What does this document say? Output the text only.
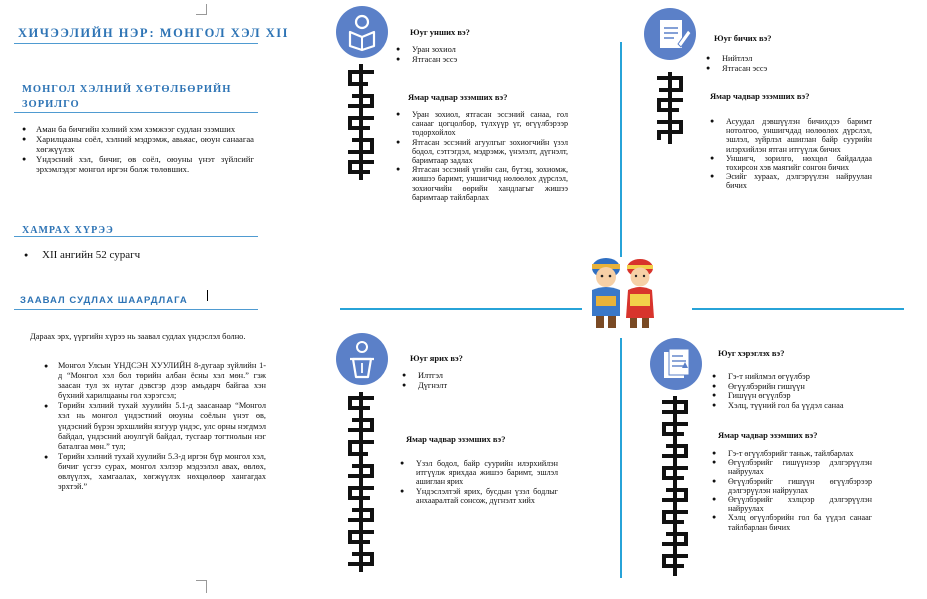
ХИЧЭЭЛИЙН НЭР: МОНГОЛ ХЭЛ XII
МОНГОЛ ХЭЛНИЙ ХӨТӨЛБӨРИЙН ЗОРИЛГО
● Аман ба бичгийн хэлний хэм хэмжээг судлан эзэмших
● Харилцааны соёл, хэлний мэдрэмж, авьяас, оюун санаагаа хөгжүүлэх
● Үндэсний хэл, бичиг, өв соёл, оюуны үнэт зүйлсийг эрхэмлэдэг монгол иргэн болж төлөвших.
ХАМРАХ ХҮРЭЭ
● XII ангийн 52 сурагч
ЗААВАЛ СУДЛАХ ШААРДЛАГА
Дараах эрх, үүргийн хүрээ нь заавал судлах үндэслэл болно.
● Монгол Улсын ҮНДСЭН ХУУЛИЙН 8-дугаар зүйлийн 1-д “Монгол хэл бол төрийн албан ёсны хэл мөн.” гэж заасан тул эх нутаг дэвсгэр дээр амьдарч байгаа хэн бүхний харилцааны гол хэрэгсэл;
● Төрийн хэлний тухай хуулийн 5.1-д заасанаар “Монгол хэл нь монгол үндэстний оюуны соёлын үнэт өв, үндэсний бүрэн эрхшлийн язгуур үндэс, улс орны нэгдмэл байдал, үндэсний аюулгүй байдал, тусгаар тогтнолын нэг баталгаа мөн.” тул;
● Төрийн хэлний тухай хуулийн 5.3-д иргэн бүр монгол хэл, бичиг үсгээ сурах, монгол хэлээр мэдээлэл авах, өвлөх, өвлүүлэх, хамгаалах, хөгжүүлэх нөхцөлөөр хангагдах эрхтэй.”
Юуг унших вэ?
● Уран зохиол
● Ятгасан эссэ
Ямар чадвар эзэмших вэ?
● Уран зохиол, ятгасан эссэний санаа, гол санааг цогцолбор, түлхүүр үг, өгүүлбэрээр тодорхойлох
● Ятгасан эссэний агуулгыг зохиогчийн үзэл бодол, сэтгэгдэл, мэдрэмж, үнэлэлт, дүгнэлт, баримтаар задлах
● Ятгасан эссэний үгийн сан, бүтэц, зохиомж, жишээ баримт, уншигчид нөлөөлөх дүрслэл, зохиогчийн өөрийн хандлагыг жишээ баримтаар тайлбарлах
Юуг бичих вэ?
● Нийтлэл
● Ятгасан эссэ
Ямар чадвар эзэмших вэ?
● Асуудал дэвшүүлэн бичихдээ баримт нотолгоо, уншигчдад нөлөөлөх дүрслэл, эшлэл, зүйрлэл ашиглан байр суурийн илэрхийлэн ятган итгүүлж бичих
● Уншигч, зорилго, нөхцөл байдалдаа тохирсон хэв маягийг сонгон бичих
● Эсийг хураах, дэлгэрүүлэн найруулан бичих
Юуг ярих вэ?
● Илтгэл
● Дүгнэлт
Ямар чадвар эзэмших вэ?
● Үзэл бодол, байр суурийн илэрхийлэн итгүүлж ярихдаа жишээ баримт, эшлэл ашиглан ярих
● Үндэслэлтэй ярих, бусдын үзэл бодлыг анхааралтай сонсож, дүгнэлт хийх
Юуг хэрэглэх вэ?
● Гэ-т нийлмэл өгүүлбэр
● Өгүүлбэрийн гишүүн
● Гишүүн өгүүлбэр
● Хэлц, түүний гол ба үүдэл санаа
Ямар чадвар эзэмших вэ?
● Гэ-т өгүүлбэрийг таньж, тайлбарлах
● Өгүүлбэрийг гишүүнээр дэлгэрүүлэн найруулах
● Өгүүлбэрийг гишүүн өгүүлбэрээр дэлгэрүүлэн найруулах
● Өгүүлбэрийг хэлцээр дэлгэрүүлэн найруулах
● Хэлц өгүүлбэрийн гол ба үүдэл санааг тайлбарлан бичих
